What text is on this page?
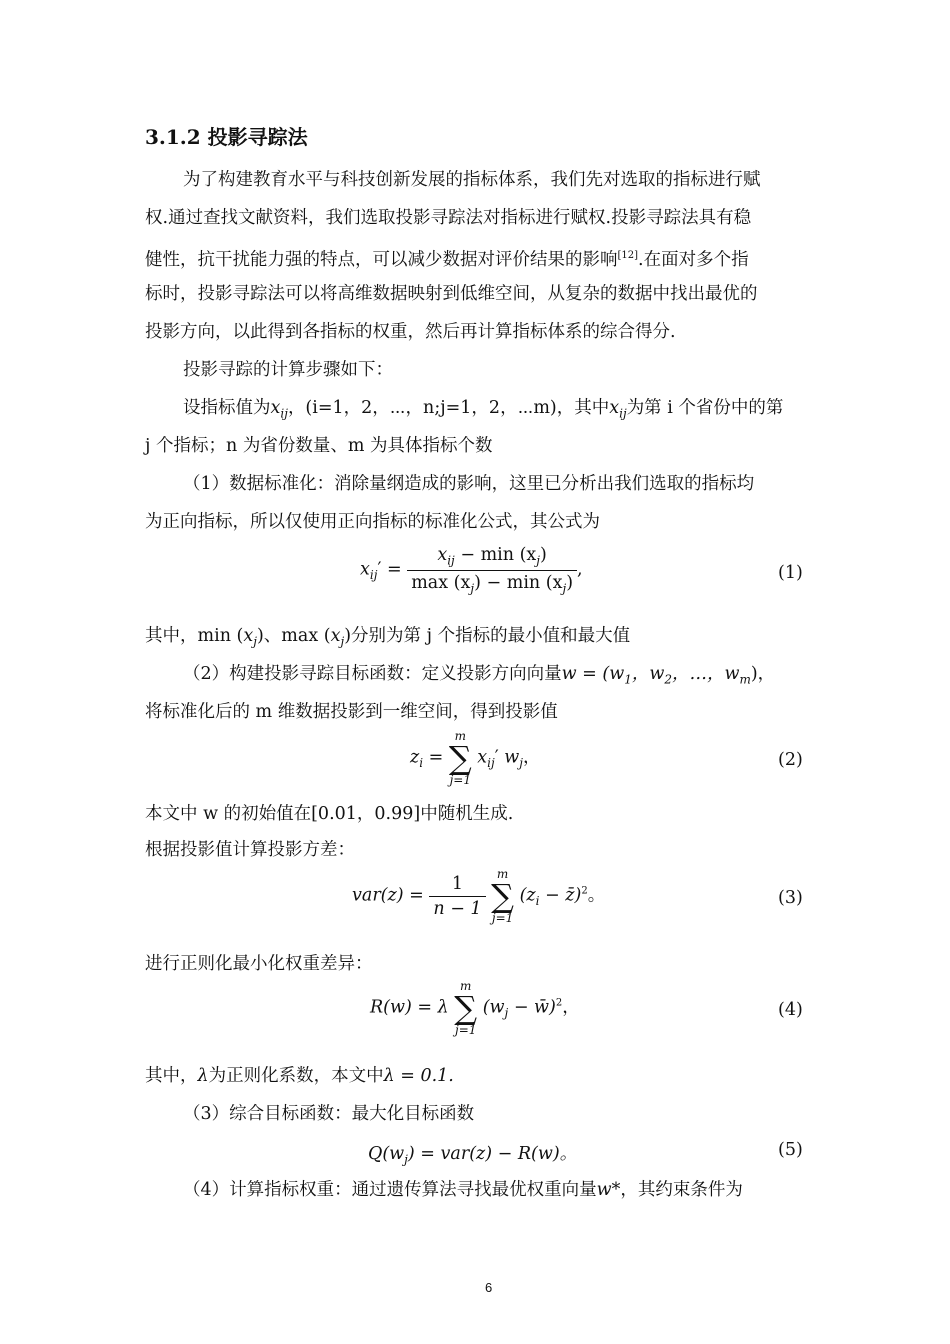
3.1.2 投影寻踪法
为了构建教育水平与科技创新发展的指标体系，我们先对选取的指标进行赋
权.通过查找文献资料，我们选取投影寻踪法对指标进行赋权.投影寻踪法具有稳
健性，抗干扰能力强的特点，可以减少数据对评价结果的影响[12].在面对多个指
标时，投影寻踪法可以将高维数据映射到低维空间，从复杂的数据中找出最优的
投影方向，以此得到各指标的权重，然后再计算指标体系的综合得分.
投影寻踪的计算步骤如下：
设指标值为$x_{ij}$，(i=1，2，⋯，n;j=1，2，⋯m)，其中$x_{ij}$为第 i 个省份中的第
j 个指标；n 为省份数量、m 为具体指标个数
（1）数据标准化：消除量纲造成的影响，这里已分析出我们选取的指标均
为正向指标，所以仅使用正向指标的标准化公式，其公式为
$x_{ij}' = \frac{x_{ij} - \min (x_j)}{\max (x_j) - \min (x_j)}$ ,	(1)
其中，$\min (x_j)$、$\max (x_j)$分别为第 j 个指标的最小值和最大值
（2）构建投影寻踪目标函数：定义投影方向向量$w = (w_1$，$w_2$，…，$w_m$)，
将标准化后的 m 维数据投影到一维空间，得到投影值
$z_i$ =
m
∑
j=1
$x_{ij}'$ $w_j$，	(2)
本文中 w 的初始值在[0.01，0.99]中随机生成.
根据投影值计算投影方差：
$var(z) = \frac{1}{n - 1}$
m
∑
j=1
($z_i$ − z̄)$^2$。	(3)
进行正则化最小化权重差异：
R(w) = λ
m
∑
j=1
($w_j$ − w̄)$^2$，	(4)
其中，λ为正则化系数，本文中λ = 0.1.
（3）综合目标函数：最大化目标函数
$Q(w_j) = var(z) - R(w)$。	(5)
（4）计算指标权重：通过遗传算法寻找最优权重向量w*，其约束条件为
6
